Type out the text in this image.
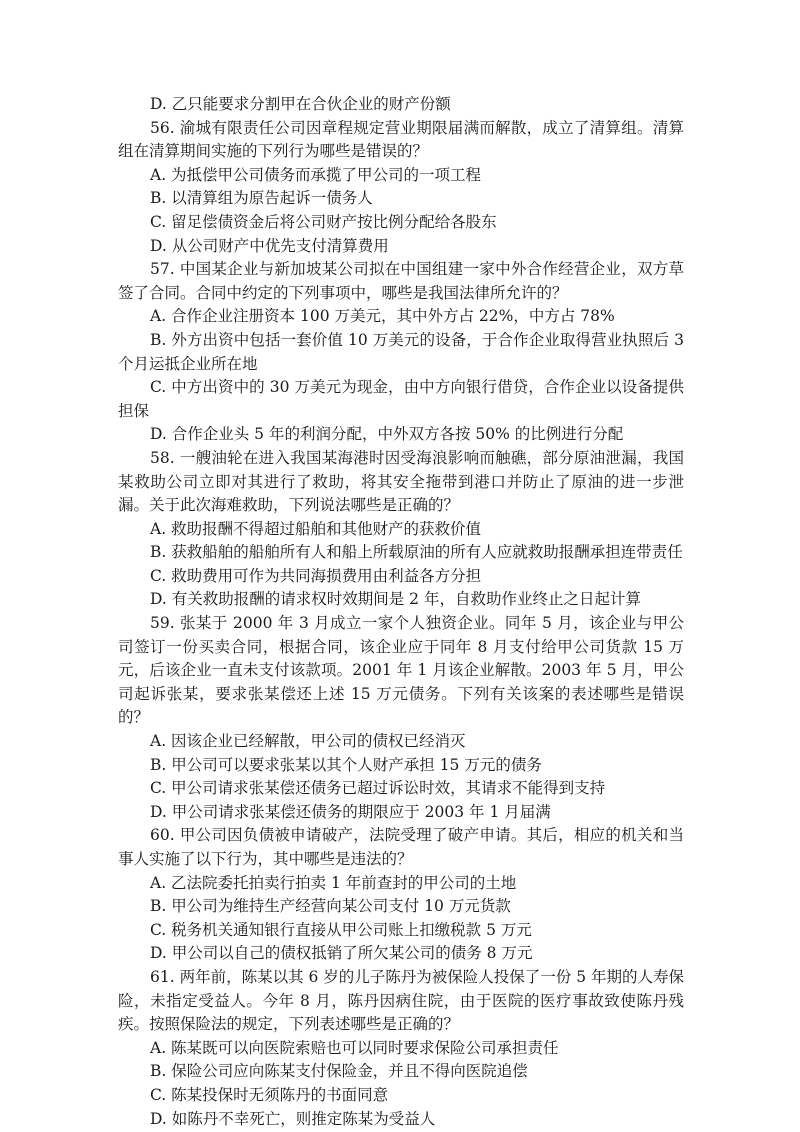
D. 乙只能要求分割甲在合伙企业的财产份额

56. 渝城有限责任公司因章程规定营业期限届满而解散，成立了清算组。清算组在清算期间实施的下列行为哪些是错误的？

A. 为抵偿甲公司债务而承揽了甲公司的一项工程

B. 以清算组为原告起诉一债务人

C. 留足偿债资金后将公司财产按比例分配给各股东

D. 从公司财产中优先支付清算费用

57. 中国某企业与新加坡某公司拟在中国组建一家中外合作经营企业，双方草签了合同。合同中约定的下列事项中，哪些是我国法律所允许的？

A. 合作企业注册资本 100 万美元，其中外方占 22%，中方占 78%

B. 外方出资中包括一套价值 10 万美元的设备，于合作企业取得营业执照后 3 个月运抵企业所在地

C. 中方出资中的 30 万美元为现金，由中方向银行借贷，合作企业以设备提供担保

D. 合作企业头 5 年的利润分配，中外双方各按 50% 的比例进行分配

58. 一艘油轮在进入我国某海港时因受海浪影响而触礁，部分原油泄漏，我国某救助公司立即对其进行了救助，将其安全拖带到港口并防止了原油的进一步泄漏。关于此次海难救助，下列说法哪些是正确的？

A. 救助报酬不得超过船舶和其他财产的获救价值

B. 获救船舶的船舶所有人和船上所载原油的所有人应就救助报酬承担连带责任

C. 救助费用可作为共同海损费用由利益各方分担

D. 有关救助报酬的请求权时效期间是 2 年，自救助作业终止之日起计算

59. 张某于 2000 年 3 月成立一家个人独资企业。同年 5 月，该企业与甲公司签订一份买卖合同，根据合同，该企业应于同年 8 月支付给甲公司货款 15 万元，后该企业一直未支付该款项。2001 年 1 月该企业解散。2003 年 5 月，甲公司起诉张某，要求张某偿还上述 15 万元债务。下列有关该案的表述哪些是错误的？

A. 因该企业已经解散，甲公司的债权已经消灭

B. 甲公司可以要求张某以其个人财产承担 15 万元的债务

C. 甲公司请求张某偿还债务已超过诉讼时效，其请求不能得到支持

D. 甲公司请求张某偿还债务的期限应于 2003 年 1 月届满

60. 甲公司因负债被申请破产，法院受理了破产申请。其后，相应的机关和当事人实施了以下行为，其中哪些是违法的？

A. 乙法院委托拍卖行拍卖 1 年前查封的甲公司的土地

B. 甲公司为维持生产经营向某公司支付 10 万元货款

C. 税务机关通知银行直接从甲公司账上扣缴税款 5 万元

D. 甲公司以自己的债权抵销了所欠某公司的债务 8 万元

61. 两年前，陈某以其 6 岁的儿子陈丹为被保险人投保了一份 5 年期的人寿保险，未指定受益人。今年 8 月，陈丹因病住院，由于医院的医疗事故致使陈丹残疾。按照保险法的规定，下列表述哪些是正确的？

A. 陈某既可以向医院索赔也可以同时要求保险公司承担责任

B. 保险公司应向陈某支付保险金，并且不得向医院追偿

C. 陈某投保时无须陈丹的书面同意

D. 如陈丹不幸死亡，则推定陈某为受益人
